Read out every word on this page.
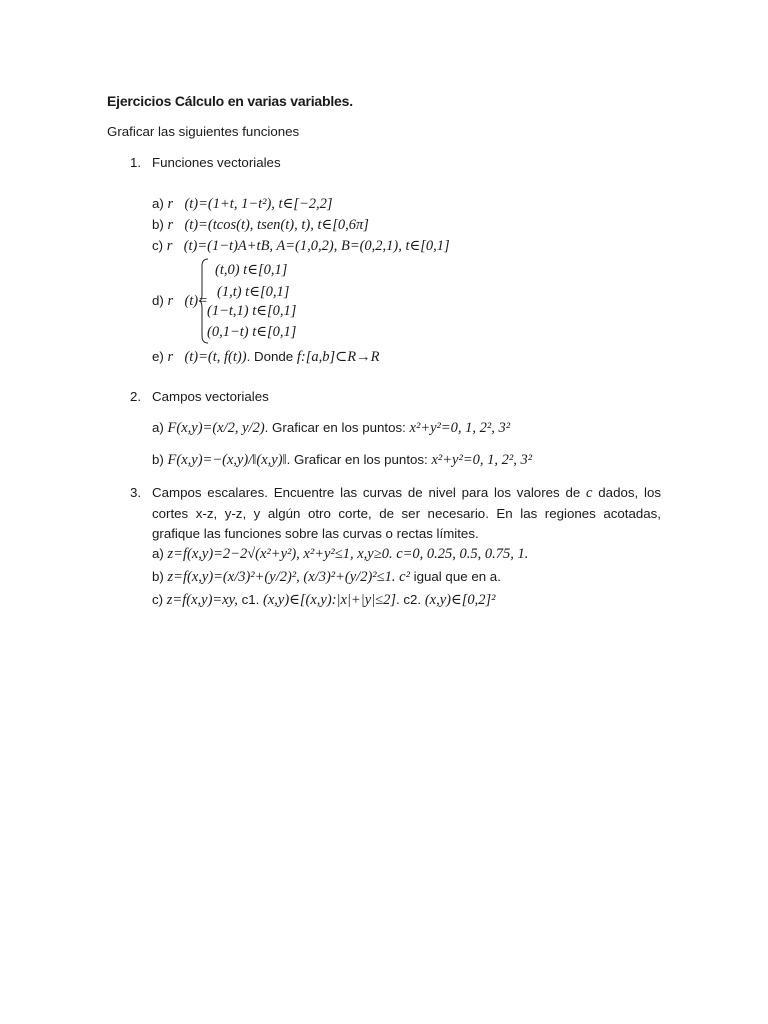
Ejercicios Cálculo en varias variables.
Graficar las siguientes funciones
1. Funciones vectoriales
a) r⃗(t)=(1+t, 1−t²), t∈[−2,2]
b) r⃗(t)=(tcos(t), tsen(t), t), t∈[0,6π]
c) r⃗(t)=(1−t)A+tB, A=(1,0,2), B=(0,2,1), t∈[0,1]
d) r⃗(t)=
(t,0) t∈[0,1]
(1,t) t∈[0,1]
(1−t,1) t∈[0,1]
(0,1−t) t∈[0,1]
e) r⃗(t)=(t, f(t)). Donde f:[a,b]⊂R→R
2. Campos vectoriales
a) F(x,y)=(x/2, y/2). Graficar en los puntos: x²+y²=0, 1, 2², 3²
b) F(x,y)=−(x,y)/‖(x,y)‖. Graficar en los puntos: x²+y²=0, 1, 2², 3²
3. Campos escalares. Encuentre las curvas de nivel para los valores de c dados, los cortes x-z, y-z, y algún otro corte, de ser necesario. En las regiones acotadas, grafique las funciones sobre las curvas o rectas límites.
a) z=f(x,y)=2−2√(x²+y²), x²+y²≤1, x,y≥0. c=0, 0.25, 0.5, 0.75, 1.
b) z=f(x,y)=(x/3)²+(y/2)², (x/3)²+(y/2)²≤1. c² igual que en a.
c) z=f(x,y)=xy, c1. (x,y)∈[(x,y):|x|+|y|≤2]. c2. (x,y)∈[0,2]²
